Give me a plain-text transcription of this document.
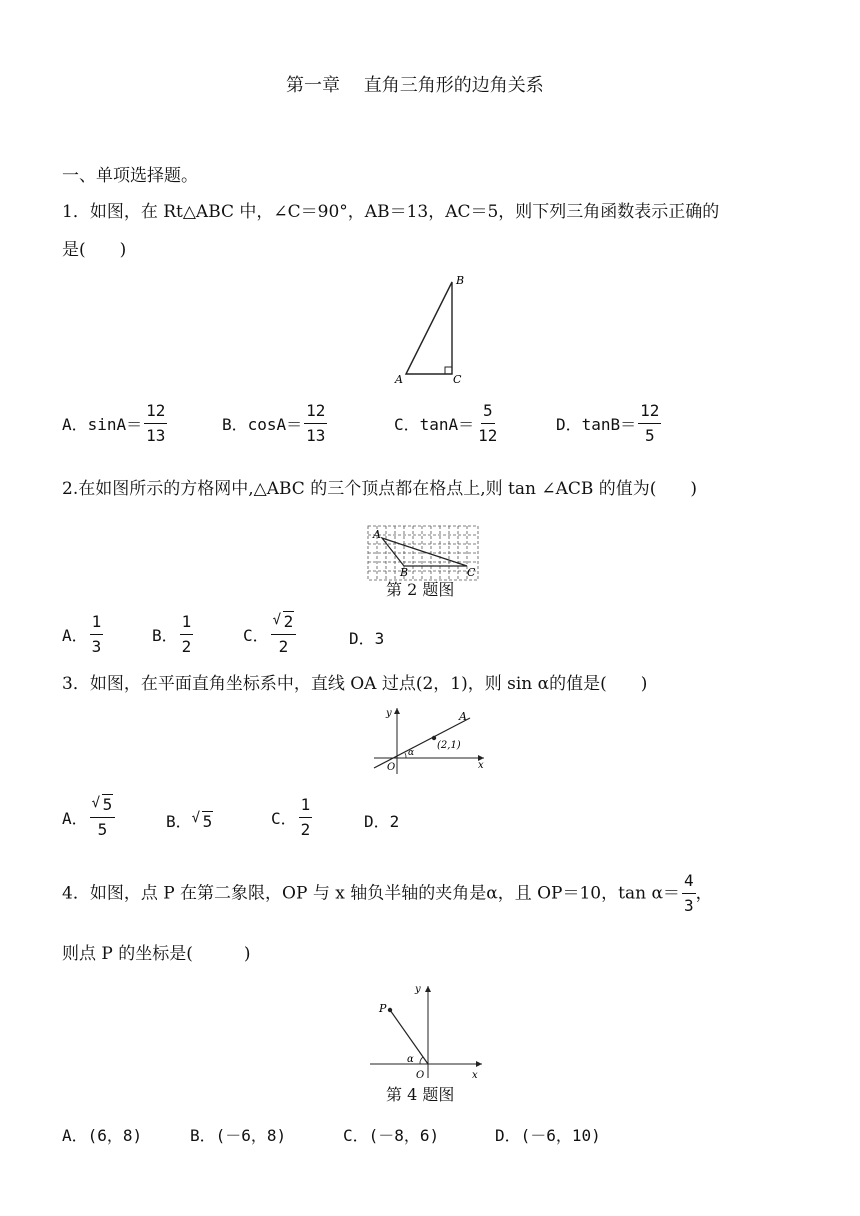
第一章　 直角三角形的边角关系
一、单项选择题。
1．如图，在 Rt△ABC 中，∠C＝90°，AB＝13，AC＝5，则下列三角函数表示正确的
是(　　)
B
A	C
A．$\sin A= \frac{12}{13}$	B．$\cos A= \frac{12}{13}$	C．$\tan A= \frac{5}{12}$	D．$\tan B= \frac{12}{5}$
2.在如图所示的方格网中,△ABC 的三个顶点都在格点上,则 tan ∠ACB 的值为(　　)
A
B	C
第 2 题图
A． $\frac{1}{3}$	B． $\frac{1}{2}$	C． $\frac{√ 2}{2}$	D．3
3．如图，在平面直角坐标系中，直线 OA 过点(2，1)，则 sin α的值是(　　)
y
x
O
A
α
(2,1)
A． $\frac{√ 5}{5}$	B． √ 5	C． $\frac{1}{2}$	D．2
4．如图，点 P 在第二象限，OP 与 x 轴负半轴的夹角是α，且 OP＝10，$\tan \alpha= \frac{4}{3}$ ，
则点 P 的坐标是(　　　)
y
x
O
P
α
第 4 题图
A．(6，8)	B．(－6，8)	C．(－8，6)	D．(－6，10)
